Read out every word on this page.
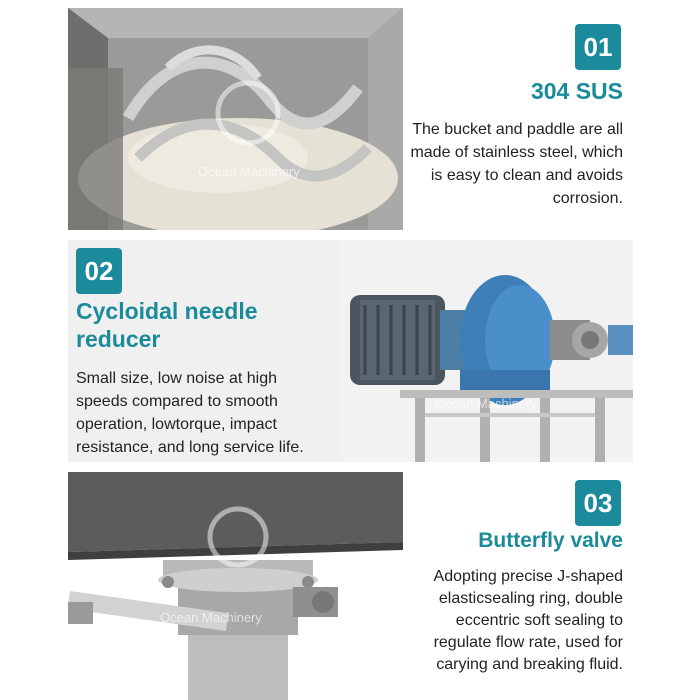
Ocean Machinery
01
304 SUS
The bucket and paddle are all made of stainless steel, which is easy to clean and avoids corrosion.
02
Cycloidal needle reducer
Small size, low noise at high speeds compared to smooth operation, lowtorque, impact resistance, and long service life.
Ocean Machinery
Ocean Machinery
03
Butterfly valve
Adopting precise J-shaped elasticsealing ring, double eccentric soft sealing to regulate flow rate, used for carying and breaking fluid.
